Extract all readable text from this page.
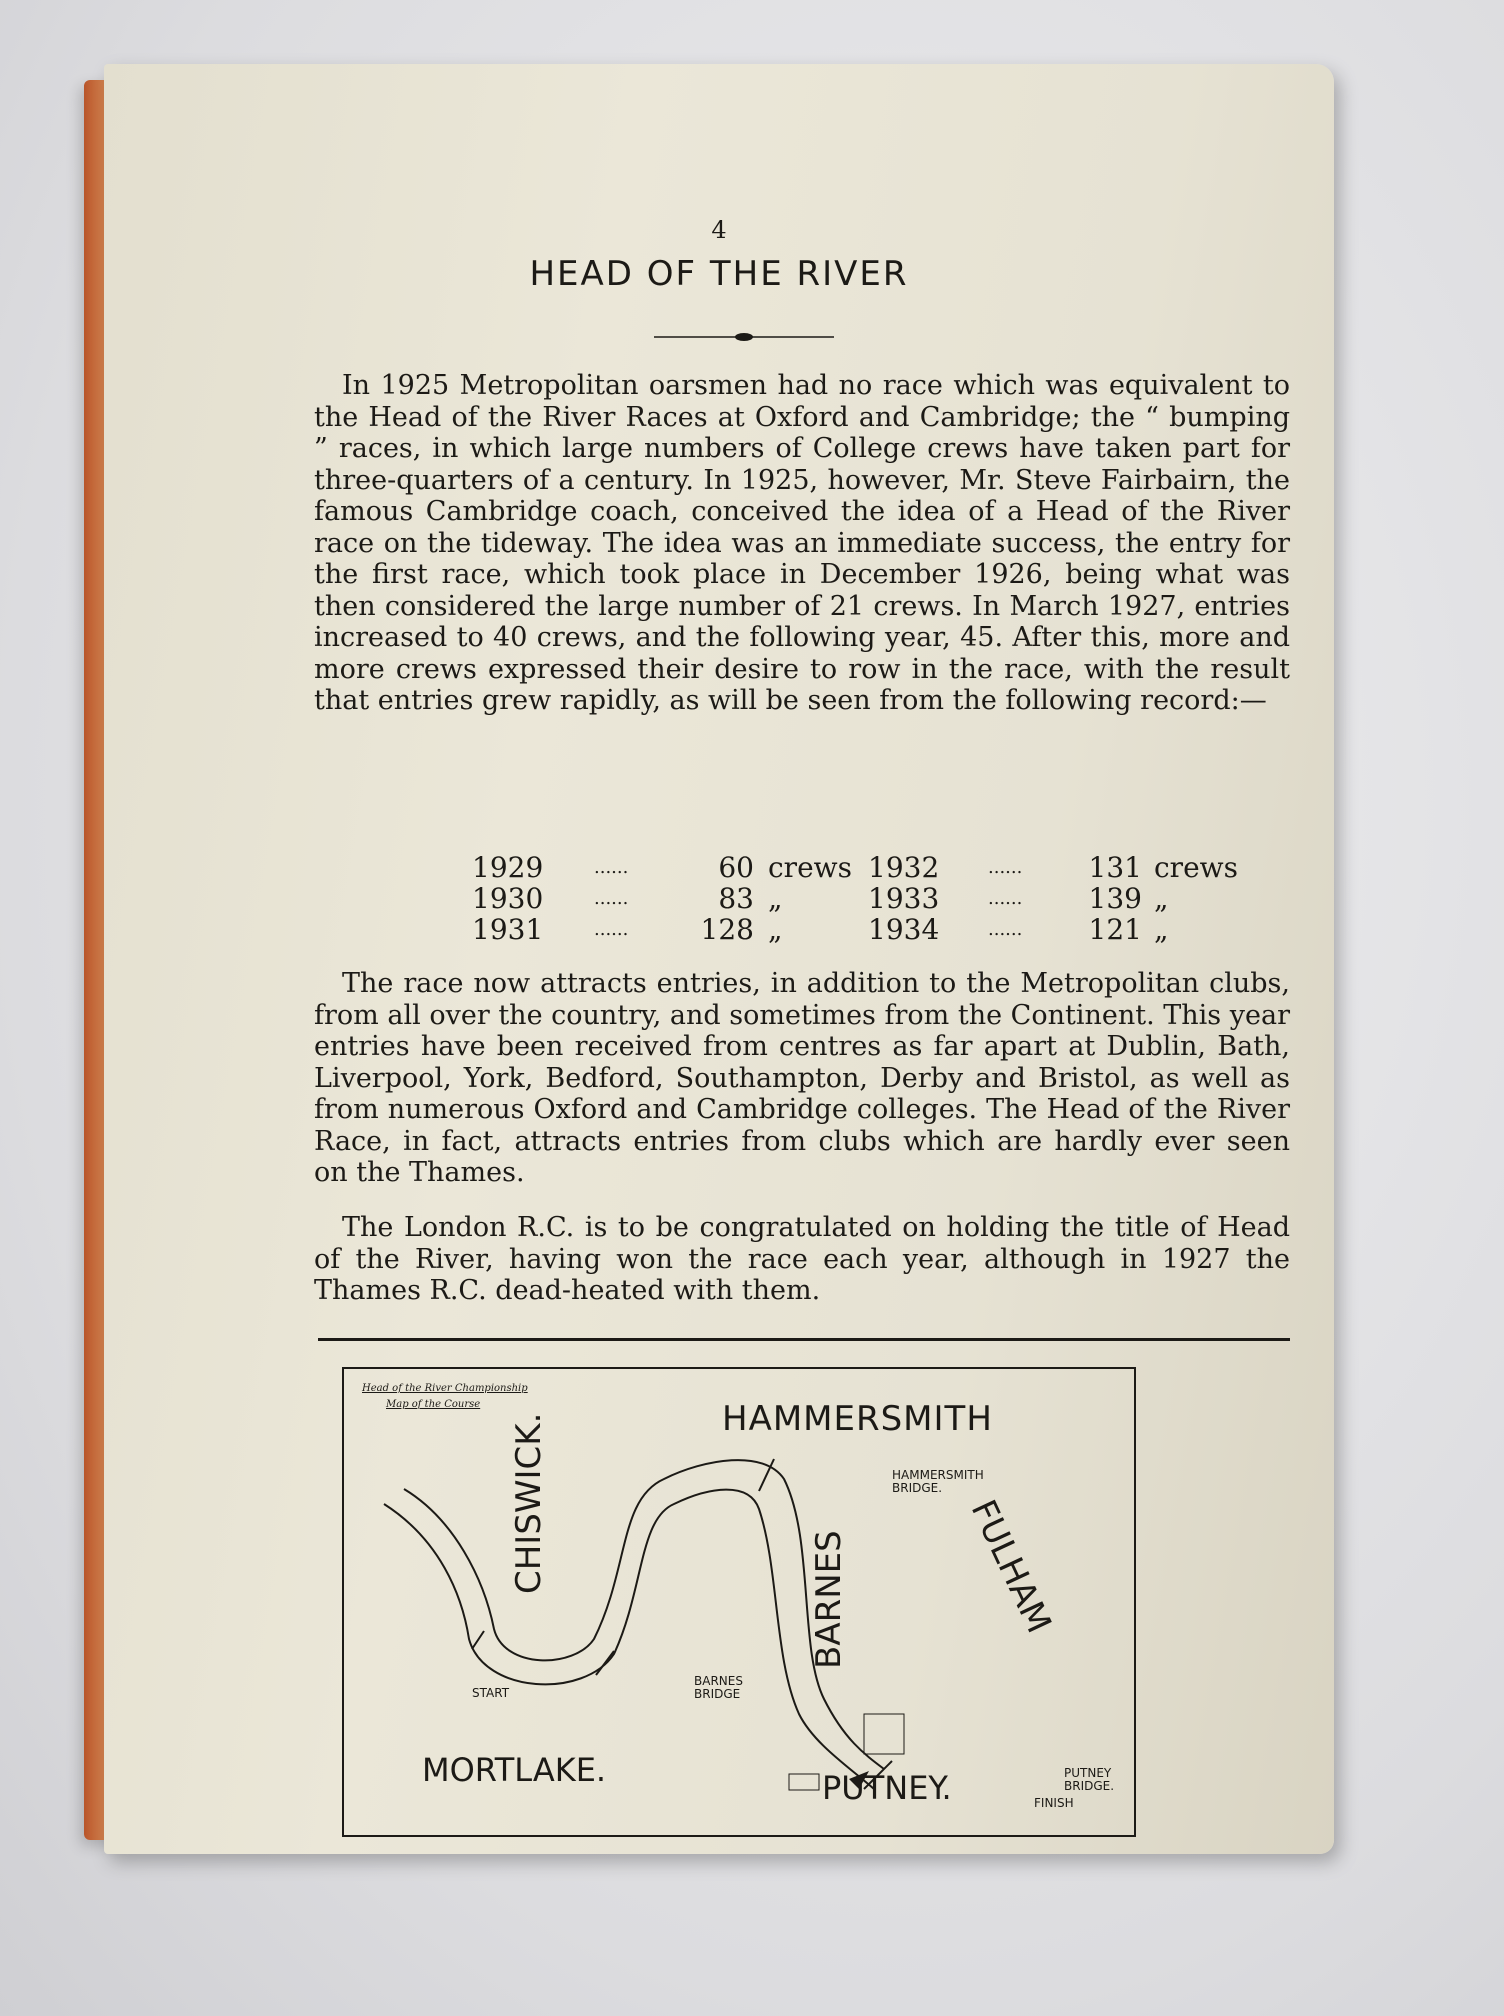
4
HEAD OF THE RIVER
In 1925 Metropolitan oarsmen had no race which was equivalent to the Head of the River Races at Oxford and Cambridge; the “ bumping ” races, in which large numbers of College crews have taken part for three-quarters of a century. In 1925, however, Mr. Steve Fairbairn, the famous Cambridge coach, conceived the idea of a Head of the River race on the tideway. The idea was an immediate success, the entry for the first race, which took place in December 1926, being what was then considered the large number of 21 crews. In March 1927, entries increased to 40 crews, and the following year, 45. After this, more and more crews expressed their desire to row in the race, with the result that entries grew rapidly, as will be seen from the following record:—
1929	......	60 crews 1932	...... 131 crews
1930	......	83 „	1933	...... 139 „
1931	......	128 „	1934	...... 121 „
The race now attracts entries, in addition to the Metropolitan clubs, from all over the country, and sometimes from the Continent. This year entries have been received from centres as far apart at Dublin, Bath, Liverpool, York, Bedford, Southampton, Derby and Bristol, as well as from numerous Oxford and Cambridge colleges. The Head of the River Race, in fact, attracts entries from clubs which are hardly ever seen on the Thames.
The London R.C. is to be congratulated on holding the title of Head of the River, having won the race each year, although in 1927 the Thames R.C. dead-heated with them.
Head of the River Championship
Map of the Course	HAMMERSMITH
HAMMERSMITH BRIDGE.
CHISWICK.
BARNES	FULHAM
BARNES BRIDGE
START
MORTLAKE.	PUTNEY.	PUTNEY BRIDGE.
FINISH
